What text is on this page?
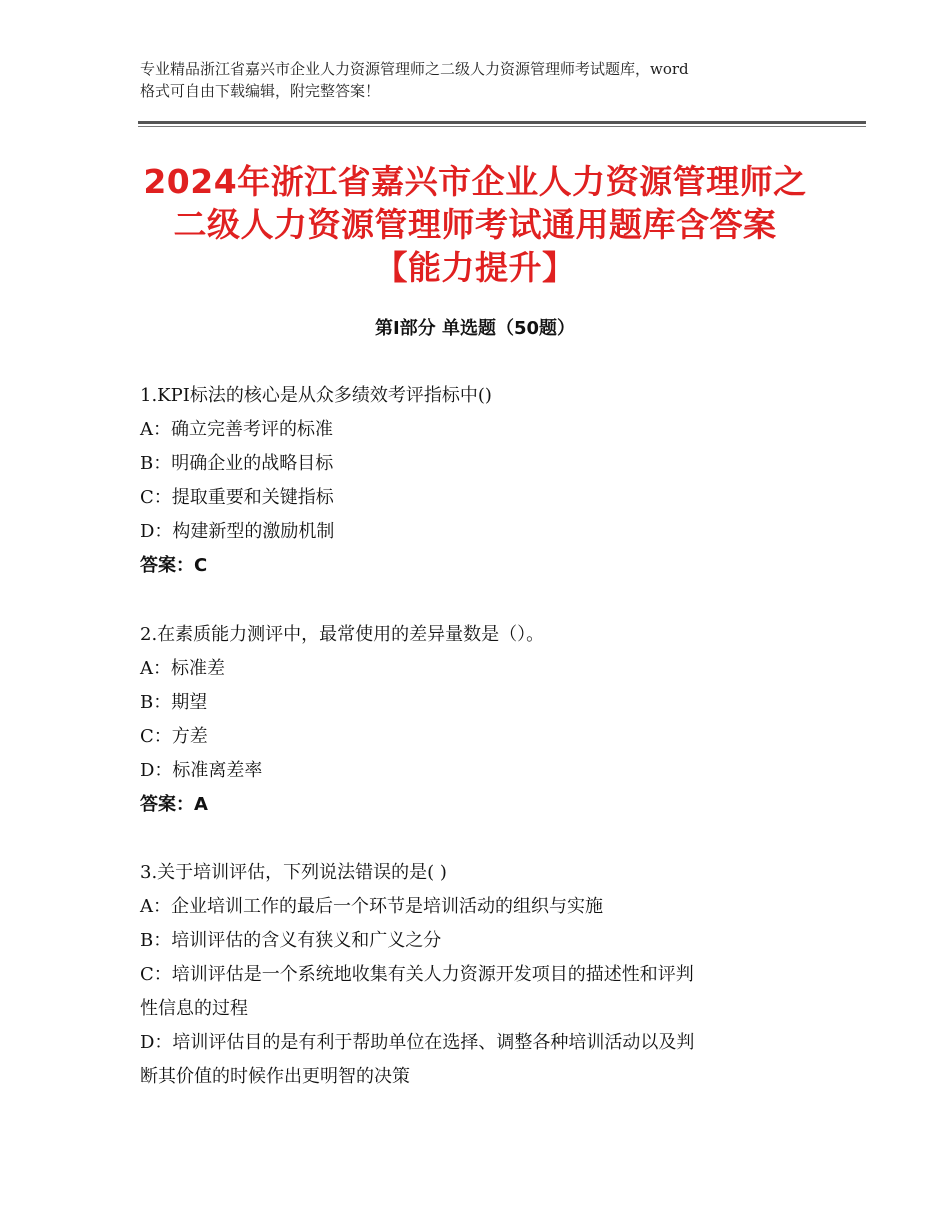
专业精品浙江省嘉兴市企业人力资源管理师之二级人力资源管理师考试题库，word
格式可自由下载编辑，附完整答案！
2024年浙江省嘉兴市企业人力资源管理师之
二级人力资源管理师考试通用题库含答案
【能力提升】
第Ⅰ部分 单选题（50题）
1.KPI标法的核心是从众多绩效考评指标中()
A：确立完善考评的标准
B：明确企业的战略目标
C：提取重要和关键指标
D：构建新型的激励机制
答案：C
2.在素质能力测评中，最常使用的差异量数是（）。
A：标准差
B：期望
C：方差
D：标准离差率
答案：A
3.关于培训评估，下列说法错误的是( )
A：企业培训工作的最后一个环节是培训活动的组织与实施
B：培训评估的含义有狭义和广义之分
C：培训评估是一个系统地收集有关人力资源开发项目的描述性和评判
性信息的过程
D：培训评估目的是有利于帮助单位在选择、调整各种培训活动以及判
断其价值的时候作出更明智的决策
